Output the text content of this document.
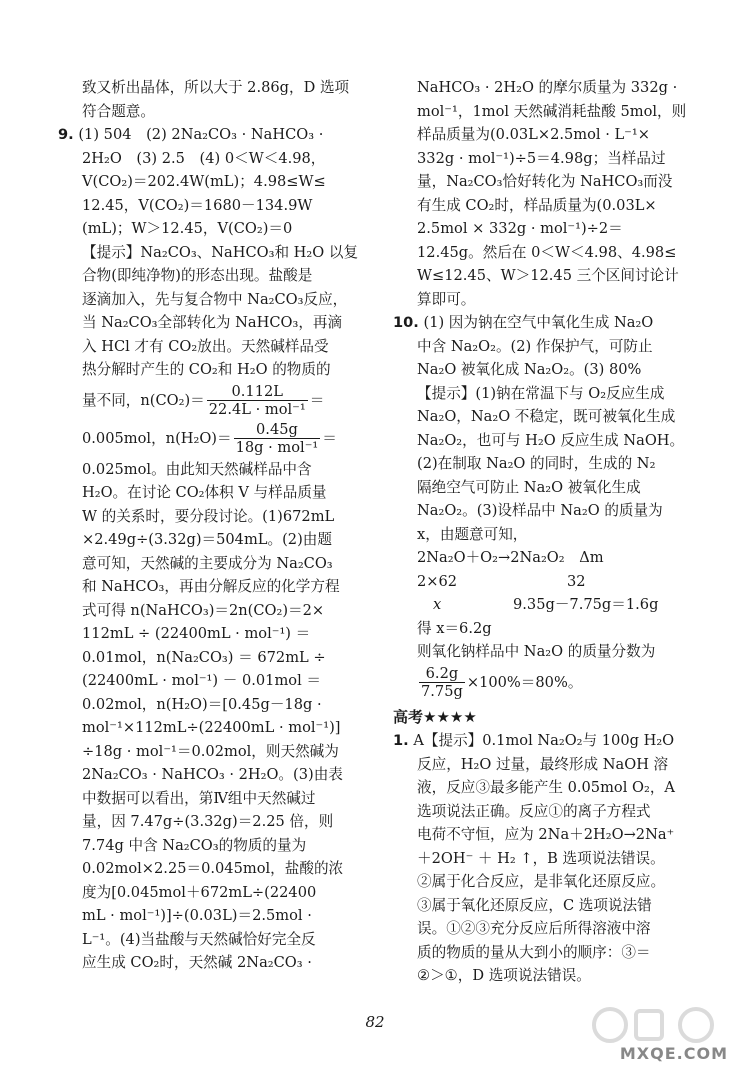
致又析出晶体，所以大于 2.86g，D 选项
符合题意。
9. (1) 504　(2) 2Na₂CO₃ · NaHCO₃ ·
2H₂O　(3) 2.5　(4) 0＜W＜4.98，
V(CO₂)＝202.4W(mL)；4.98≤W≤
12.45，V(CO₂)＝1680－134.9W
(mL)；W＞12.45，V(CO₂)＝0
【提示】Na₂CO₃、NaHCO₃和 H₂O 以复
合物(即纯净物)的形态出现。盐酸是
逐滴加入，先与复合物中 Na₂CO₃反应，
当 Na₂CO₃全部转化为 NaHCO₃，再滴
入 HCl 才有 CO₂放出。天然碱样品受
热分解时产生的 CO₂和 H₂O 的物质的
量不同，$n(CO_2)= \frac{0.112L}{\text{22.4L · mol⁻¹}}$ ＝
0.005mol，$n(H_2O)= \frac{0.45g}{\text{18g · mol⁻¹}}$ ＝
0.025mol。由此知天然碱样品中含
H₂O。在讨论 CO₂体积 V 与样品质量
W 的关系时，要分段讨论。(1)672mL
×2.49g÷(3.32g)＝504mL。(2)由题
意可知，天然碱的主要成分为 Na₂CO₃
和 NaHCO₃，再由分解反应的化学方程
式可得 n(NaHCO₃)＝2n(CO₂)＝2×
112mL ÷ (22400mL · mol⁻¹) ＝
0.01mol，n(Na₂CO₃) ＝ 672mL ÷
(22400mL · mol⁻¹) － 0.01mol ＝
0.02mol，n(H₂O)＝[0.45g－18g ·
mol⁻¹×112mL÷(22400mL · mol⁻¹)]
÷18g · mol⁻¹＝0.02mol，则天然碱为
2Na₂CO₃ · NaHCO₃ · 2H₂O。(3)由表
中数据可以看出，第Ⅳ组中天然碱过
量，因 7.47g÷(3.32g)＝2.25 倍，则
7.74g 中含 Na₂CO₃的物质的量为
0.02mol×2.25＝0.045mol，盐酸的浓
度为[0.045mol＋672mL÷(22400
mL · mol⁻¹)]÷(0.03L)＝2.5mol ·
L⁻¹。(4)当盐酸与天然碱恰好完全反
应生成 CO₂时，天然碱 2Na₂CO₃ ·
NaHCO₃ · 2H₂O 的摩尔质量为 332g ·
mol⁻¹，1mol 天然碱消耗盐酸 5mol，则
样品质量为(0.03L×2.5mol · L⁻¹×
332g · mol⁻¹)÷5＝4.98g；当样品过
量，Na₂CO₃恰好转化为 NaHCO₃而没
有生成 CO₂时，样品质量为(0.03L×
2.5mol × 332g · mol⁻¹)÷2＝
12.45g。然后在 0＜W＜4.98、4.98≤
W≤12.45、W＞12.45 三个区间讨论计
算即可。
10. (1) 因为钠在空气中氧化生成 Na₂O
中含 Na₂O₂。(2) 作保护气，可防止
Na₂O 被氧化成 Na₂O₂。(3) 80%
【提示】(1)钠在常温下与 O₂反应生成
Na₂O，Na₂O 不稳定，既可被氧化生成
Na₂O₂，也可与 H₂O 反应生成 NaOH。
(2)在制取 Na₂O 的同时，生成的 N₂
隔绝空气可防止 Na₂O 被氧化生成
Na₂O₂。(3)设样品中 Na₂O 的质量为
x，由题意可知，
2Na₂O＋O₂→2Na₂O₂　Δm
2×62	32
x	9.35g－7.75g＝1.6g
得 x＝6.2g
则氧化钠样品中 Na₂O 的质量分数为
$\frac{6.2g}{7.75g} \times 100\%=80\%$。
高考★★★★
1. A【提示】0.1mol Na₂O₂与 100g H₂O
反应，H₂O 过量，最终形成 NaOH 溶
液，反应③最多能产生 0.05mol O₂，A
选项说法正确。反应①的离子方程式
电荷不守恒，应为 2Na＋2H₂O→2Na⁺
＋2OH⁻ ＋ H₂ ↑，B 选项说法错误。
②属于化合反应，是非氧化还原反应。
③属于氧化还原反应，C 选项说法错
误。①②③充分反应后所得溶液中溶
质的物质的量从大到小的顺序：③＝
②＞①，D 选项说法错误。
82
MXQE.COM
